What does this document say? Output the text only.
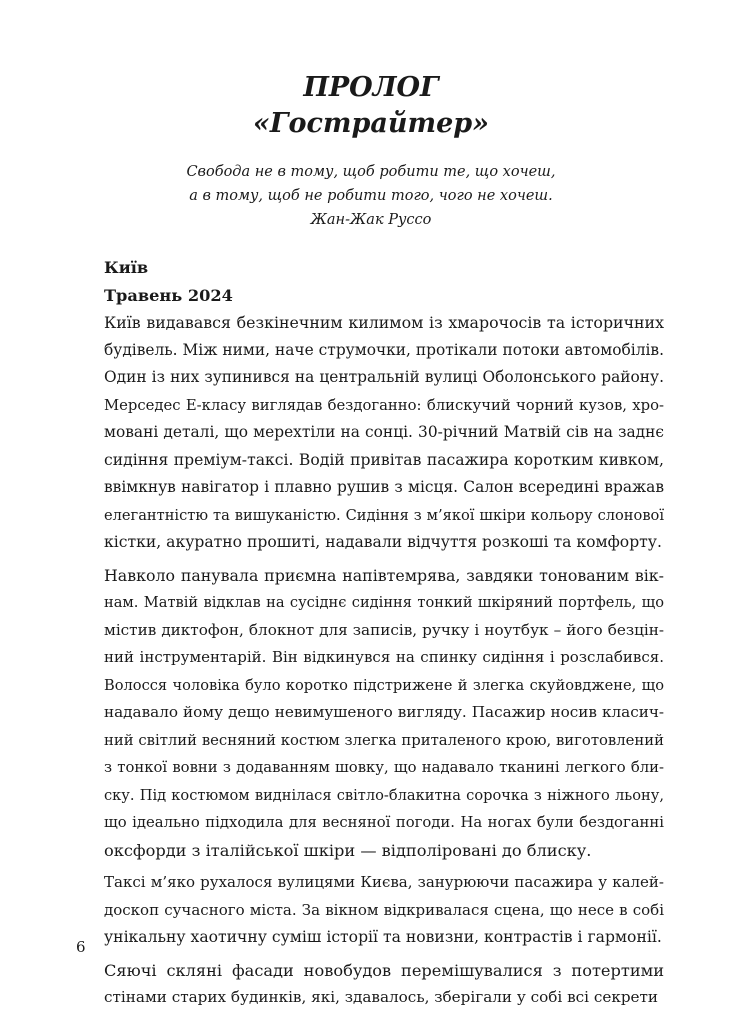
ПРОЛОГ
«Гострайтер»
Свобода не в тому, щоб робити те, що хочеш,
а в тому, щоб не робити того, чого не хочеш.
Жан-Жак Руссо
Київ
Травень 2024

Київ видавався безкінечним килимом із хмарочосів та історичних
будівель. Між ними, наче струмочки, протікали потоки автомобілів.
Один із них зупинився на центральній вулиці Оболонського району.
Мерседес Е-класу виглядав бездоганно: блискучий чорний кузов, хро-
мовані деталі, що мерехтіли на сонці. 30-річний Матвій сів на заднє
сидіння преміум-таксі. Водій привітав пасажира коротким кивком,
ввімкнув навігатор і плавно рушив з місця. Салон всередині вражав
елегантністю та вишуканістю. Сидіння з м’якої шкіри кольору слонової
кістки, акуратно прошиті, надавали відчуття розкоші та комфорту.

Навколо панувала приємна напівтемрява, завдяки тонованим вік-
нам. Матвій відклав на сусіднє сидіння тонкий шкіряний портфель, що
містив диктофон, блокнот для записів, ручку і ноутбук – його безцін-
ний інструментарій. Він відкинувся на спинку сидіння і розслабився.
Волосся чоловіка було коротко підстрижене й злегка скуйовджене, що
надавало йому дещо невимушеного вигляду. Пасажир носив класич-
ний світлий весняний костюм злегка приталеного крою, виготовлений
з тонкої вовни з додаванням шовку, що надавало тканині легкого бли-
ску. Під костюмом виднілася світло-блакитна сорочка з ніжного льону,
що ідеально підходила для весняної погоди. На ногах були бездоганні
оксфорди з італійської шкіри — відполіровані до блиску.

Таксі м’яко рухалося вулицями Києва, занурюючи пасажира у калей-
доскоп сучасного міста. За вікном відкривалася сцена, що несе в собі
унікальну хаотичну суміш історії та новизни, контрастів і гармонії.

Сяючі скляні фасади новобудов перемішувалися з потертими
стінами старих будинків, які, здавалось, зберігали у собі всі секрети

6
